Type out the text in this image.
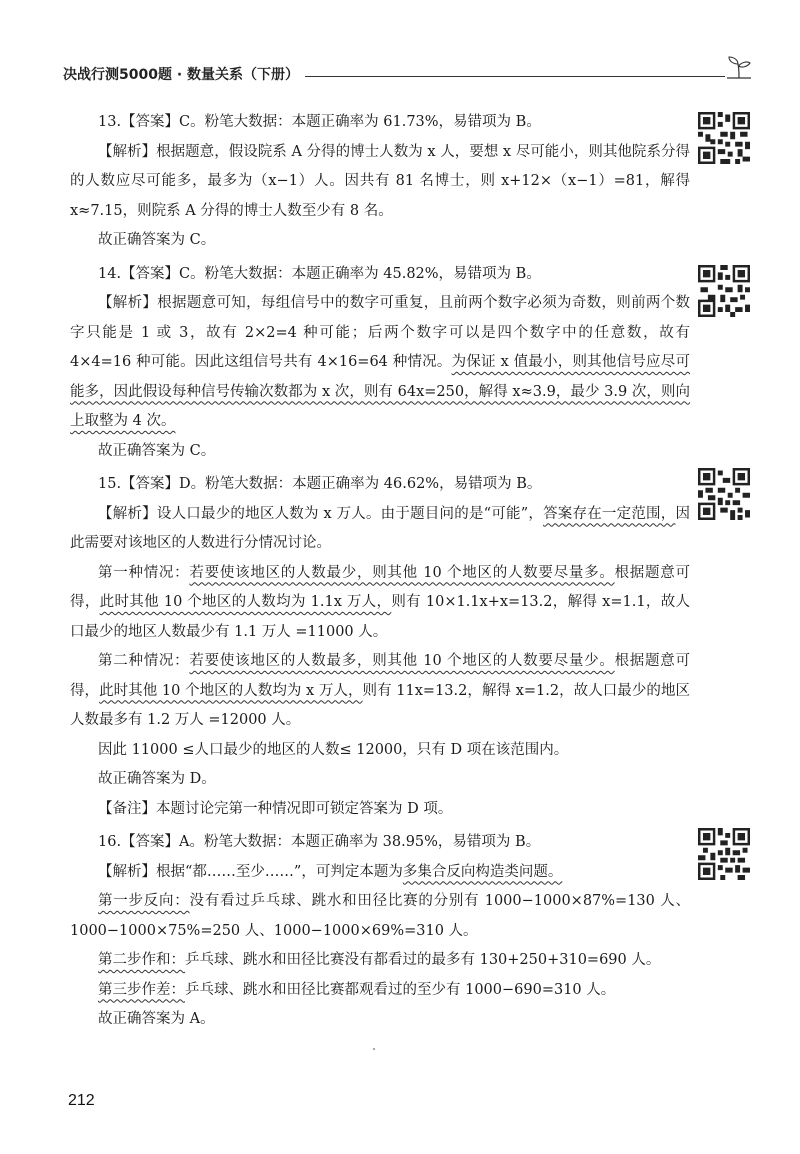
决战行测5000题 · 数量关系（下册）

13.【答案】C。粉笔大数据：本题正确率为 61.73%，易错项为 B。

【解析】根据题意，假设院系 A 分得的博士人数为 x 人，要想 x 尽可能小，则其他院系分得的人数应尽可能多，最多为（x−1）人。因共有 81 名博士，则 x+12×（x−1）=81，解得 x≈7.15，则院系 A 分得的博士人数至少有 8 名。

故正确答案为 C。

14.【答案】C。粉笔大数据：本题正确率为 45.82%，易错项为 B。

【解析】根据题意可知，每组信号中的数字可重复，且前两个数字必须为奇数，则前两个数字只能是 1 或 3，故有 2×2=4 种可能；后两个数字可以是四个数字中的任意数，故有 4×4=16 种可能。因此这组信号共有 4×16=64 种情况。为保证 x 值最小，则其他信号应尽可能多，因此假设每种信号传输次数都为 x 次，则有 64x=250，解得 x≈3.9，最少 3.9 次，则向上取整为 4 次。

故正确答案为 C。

15.【答案】D。粉笔大数据：本题正确率为 46.62%，易错项为 B。

【解析】设人口最少的地区人数为 x 万人。由于题目问的是“可能”，答案存在一定范围，因此需要对该地区的人数进行分情况讨论。

第一种情况：若要使该地区的人数最少，则其他 10 个地区的人数要尽量多。根据题意可得，此时其他 10 个地区的人数均为 1.1x 万人，则有 10×1.1x+x=13.2，解得 x=1.1，故人口最少的地区人数最少有 1.1 万人 =11000 人。

第二种情况：若要使该地区的人数最多，则其他 10 个地区的人数要尽量少。根据题意可得，此时其他 10 个地区的人数均为 x 万人，则有 11x=13.2，解得 x=1.2，故人口最少的地区人数最多有 1.2 万人 =12000 人。

因此 11000 ≤人口最少的地区的人数≤ 12000，只有 D 项在该范围内。

故正确答案为 D。

【备注】本题讨论完第一种情况即可锁定答案为 D 项。

16.【答案】A。粉笔大数据：本题正确率为 38.95%，易错项为 B。

【解析】根据“都……至少……”，可判定本题为多集合反向构造类问题。

第一步反向：没有看过乒乓球、跳水和田径比赛的分别有 1000−1000×87%=130 人、1000−1000×75%=250 人、1000−1000×69%=310 人。

第二步作和：乒乓球、跳水和田径比赛没有都看过的最多有 130+250+310=690 人。

第三步作差：乒乓球、跳水和田径比赛都观看过的至少有 1000−690=310 人。

故正确答案为 A。

212
